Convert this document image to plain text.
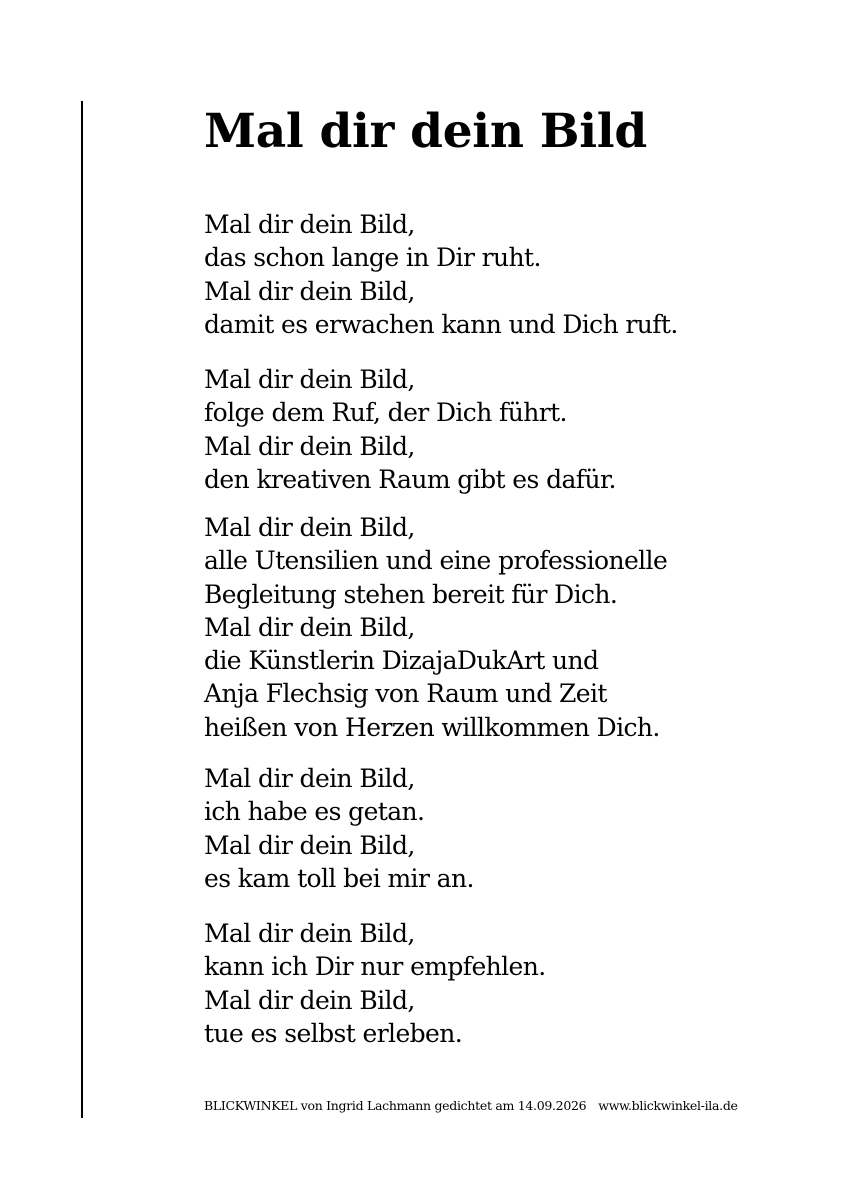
Mal dir dein Bild
Mal dir dein Bild,
das schon lange in Dir ruht.
Mal dir dein Bild,
damit es erwachen kann und Dich ruft.
Mal dir dein Bild,
folge dem Ruf, der Dich führt.
Mal dir dein Bild,
den kreativen Raum gibt es dafür.
Mal dir dein Bild,
alle Utensilien und eine professionelle
Begleitung stehen bereit für Dich.
Mal dir dein Bild,
die Künstlerin DizajaDukArt und
Anja Flechsig von Raum und Zeit
heißen von Herzen willkommen Dich.
Mal dir dein Bild,
ich habe es getan.
Mal dir dein Bild,
es kam toll bei mir an.
Mal dir dein Bild,
kann ich Dir nur empfehlen.
Mal dir dein Bild,
tue es selbst erleben.
BLICKWINKEL von Ingrid Lachmann gedichtet am 14.09.2026 www.blickwinkel-ila.de
